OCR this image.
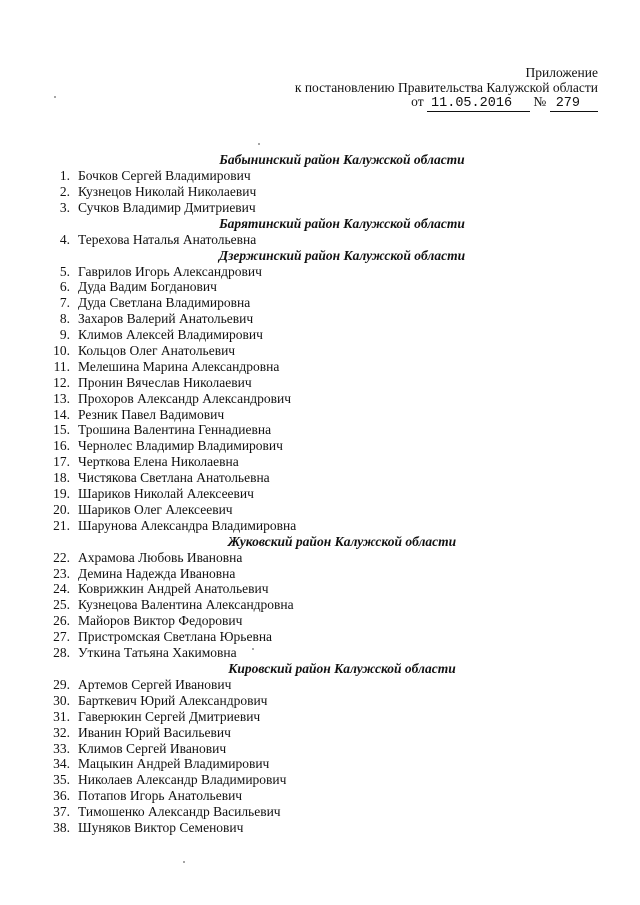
Приложение
к постановлению Правительства Калужской области
от 11.05.2016 № 279
Бабынинский район Калужской области
1. Бочков Сергей Владимирович
2. Кузнецов Николай Николаевич
3. Сучков Владимир Дмитриевич
Барятинский район Калужской области
4. Терехова Наталья Анатольевна
Дзержинский район Калужской области
5. Гаврилов Игорь Александрович
6. Дуда Вадим Богданович
7. Дуда Светлана Владимировна
8. Захаров Валерий Анатольевич
9. Климов Алексей Владимирович
10. Кольцов Олег Анатольевич
11. Мелешина Марина Александровна
12. Пронин Вячеслав Николаевич
13. Прохоров Александр Александрович
14. Резник Павел Вадимович
15. Трошина Валентина Геннадиевна
16. Чернолес Владимир Владимирович
17. Черткова Елена Николаевна
18. Чистякова Светлана Анатольевна
19. Шариков Николай Алексеевич
20. Шариков Олег Алексеевич
21. Шарунова Александра Владимировна
Жуковский район Калужской области
22. Ахрамова Любовь Ивановна
23. Демина Надежда Ивановна
24. Коврижкин Андрей Анатольевич
25. Кузнецова Валентина Александровна
26. Майоров Виктор Федорович
27. Пристромская Светлана Юрьевна
28. Уткина Татьяна Хакимовна
Кировский район Калужской области
29. Артемов Сергей Иванович
30. Барткевич Юрий Александрович
31. Гаверюкин Сергей Дмитриевич
32. Иванин Юрий Васильевич
33. Климов Сергей Иванович
34. Мацыкин Андрей Владимирович
35. Николаев Александр Владимирович
36. Потапов Игорь Анатольевич
37. Тимошенко Александр Васильевич
38. Шуняков Виктор Семенович
